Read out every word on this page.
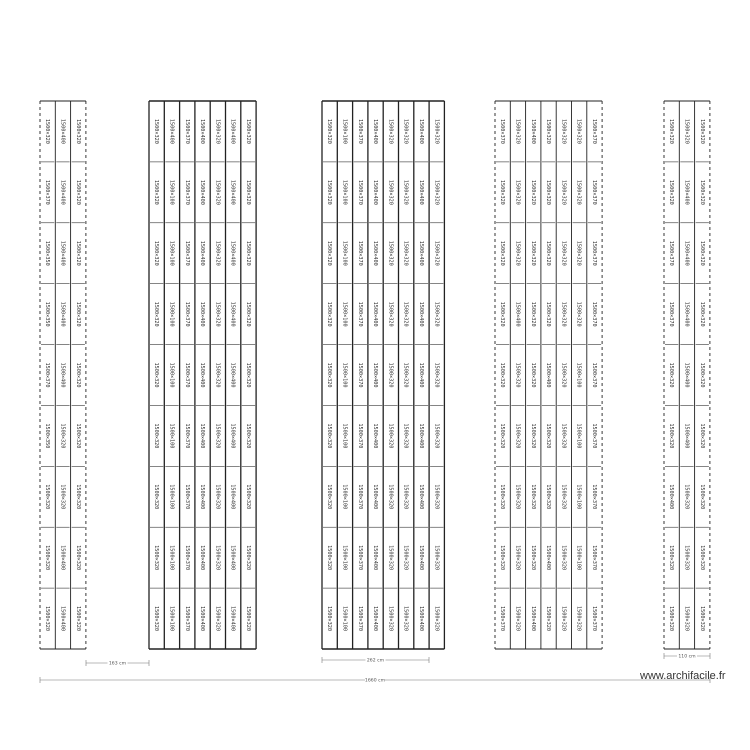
1500×320
1500×370
1500×350
1500×350
1500×370
1500×350
1500×320
1500×320
1500×320
1500×400
1500×400
1500×400
1500×400
1500×400
1500×320
1500×320
1500×400
1500×400
1500×320
1500×320
1500×320
1500×320
1500×320
1500×320
1500×320
1500×320
1500×320
1500×320
1500×320
1500×320
1500×320
1500×320
1500×320
1500×320
1500×320
1500×320
1500×400
1500×100
1500×100
1500×100
1500×100
1500×100
1500×100
1500×100
1500×100
1500×370
1500×370
1500×370
1500×370
1500×370
1500×370
1500×370
1500×370
1500×370
1500×400
1500×400
1500×400
1500×400
1500×400
1500×400
1500×400
1500×400
1500×400
1500×320
1500×320
1500×320
1500×320
1500×320
1500×320
1500×320
1500×320
1500×320
1500×400
1500×400
1500×400
1500×400
1500×400
1500×400
1500×400
1500×400
1500×400
1500×320
1500×320
1500×320
1500×320
1500×320
1500×320
1500×320
1500×320
1500×320
1500×320
1500×320
1500×320
1500×320
1500×320
1500×320
1500×320
1500×320
1500×320
1500×100
1500×100
1500×100
1500×100
1500×100
1500×100
1500×100
1500×100
1500×100
1500×370
1500×370
1500×370
1500×370
1500×370
1500×370
1500×370
1500×370
1500×370
1500×400
1500×400
1500×400
1500×400
1500×400
1500×400
1500×400
1500×400
1500×400
1500×320
1500×320
1500×320
1500×320
1500×320
1500×320
1500×320
1500×320
1500×320
1500×320
1500×320
1500×320
1500×320
1500×320
1500×320
1500×320
1500×320
1500×320
1500×400
1500×400
1500×400
1500×400
1500×400
1500×400
1500×400
1500×400
1500×400
1500×320
1500×320
1500×320
1500×320
1500×320
1500×320
1500×320
1500×320
1500×320
1500×370
1500×320
1500×320
1500×320
1500×320
1500×320
1500×320
1500×320
1500×370
1500×320
1500×320
1500×320
1500×400
1500×320
1500×320
1500×320
1500×320
1500×320
1500×400
1500×320
1500×320
1500×320
1500×320
1500×320
1500×320
1500×320
1500×400
1500×320
1500×320
1500×320
1500×320
1500×400
1500×320
1500×320
1500×400
1500×320
1500×320
1500×320
1500×320
1500×320
1500×320
1500×320
1500×320
1500×320
1500×320
1500×320
1500×320
1500×320
1500×320
1500×100
1500×100
1500×100
1500×100
1500×320
1500×370
1500×370
1500×370
1500×370
1500×370
1500×370
1500×370
1500×370
1500×370
1500×320
1500×320
1500×370
1500×370
1500×320
1500×320
1500×400
1500×320
1500×320
1500×320
1500×400
1500×400
1500×400
1500×400
1500×400
1500×320
1500×320
1500×320
1500×320
1500×320
1500×320
1500×320
1500×320
1500×320
1500×320
1500×320
1500×320
163 cm
262 cm
110 cm
1660 cm	www.archifacile.fr
